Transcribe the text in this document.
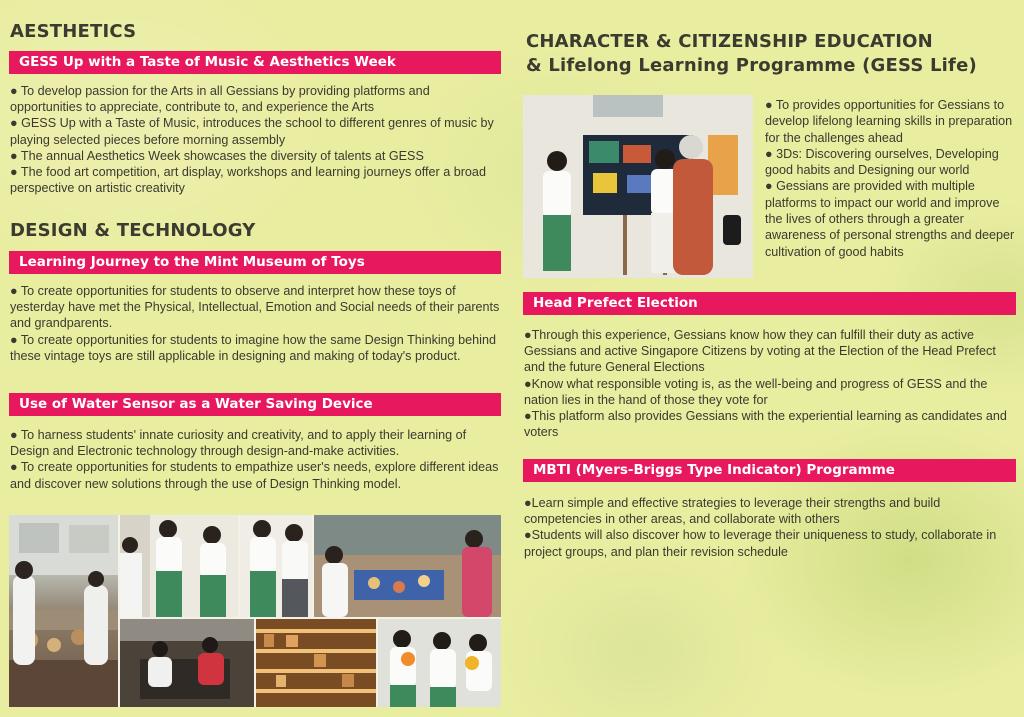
AESTHETICS
GESS Up with a Taste of Music & Aesthetics Week

● To develop passion for the Arts in all Gessians by providing platforms and opportunities to appreciate, contribute to, and experience the Arts

● GESS Up with a Taste of Music, introduces the school to different genres of music by playing selected pieces before morning assembly

● The annual Aesthetics Week showcases the diversity of talents at GESS

● The food art competition, art display, workshops and learning journeys offer a broad perspective on artistic creativity

DESIGN & TECHNOLOGY
Learning Journey to the Mint Museum of Toys

● To create opportunities for students to observe and interpret how these toys of yesterday have met the Physical, Intellectual, Emotion and Social needs of their parents and grandparents.

● To create opportunities for students to imagine how the same Design Thinking behind these vintage toys are still applicable in designing and making of today's product.

Use of Water Sensor as a Water Saving Device

● To harness students' innate curiosity and creativity, and to apply their learning of Design and Electronic technology through design-and-make activities.

● To create opportunities for students to empathize user's needs, explore different ideas and discover new solutions through the use of Design Thinking model.

CHARACTER & CITIZENSHIP EDUCATION
& Lifelong Learning Programme (GESS Life)

● To provides opportunities for Gessians to develop lifelong learning skills in preparation for the challenges ahead

● 3Ds: Discovering ourselves, Developing good habits and Designing our world

● Gessians are provided with multiple platforms to impact our world and improve the lives of others through a greater awareness of personal strengths and deeper cultivation of good habits

Head Prefect Election

●Through this experience, Gessians know how they can fulfill their duty as active Gessians and active Singapore Citizens by voting at the Election of the Head Prefect and the future General Elections

●Know what responsible voting is, as the well-being and progress of GESS and the nation lies in the hand of those they vote for

●This platform also provides Gessians with the experiential learning as candidates and voters

MBTI (Myers-Briggs Type Indicator) Programme

●Learn simple and effective strategies to leverage their strengths and build competencies in other areas, and collaborate with others

●Students will also discover how to leverage their uniqueness to study, collaborate in project groups, and plan their revision schedule
